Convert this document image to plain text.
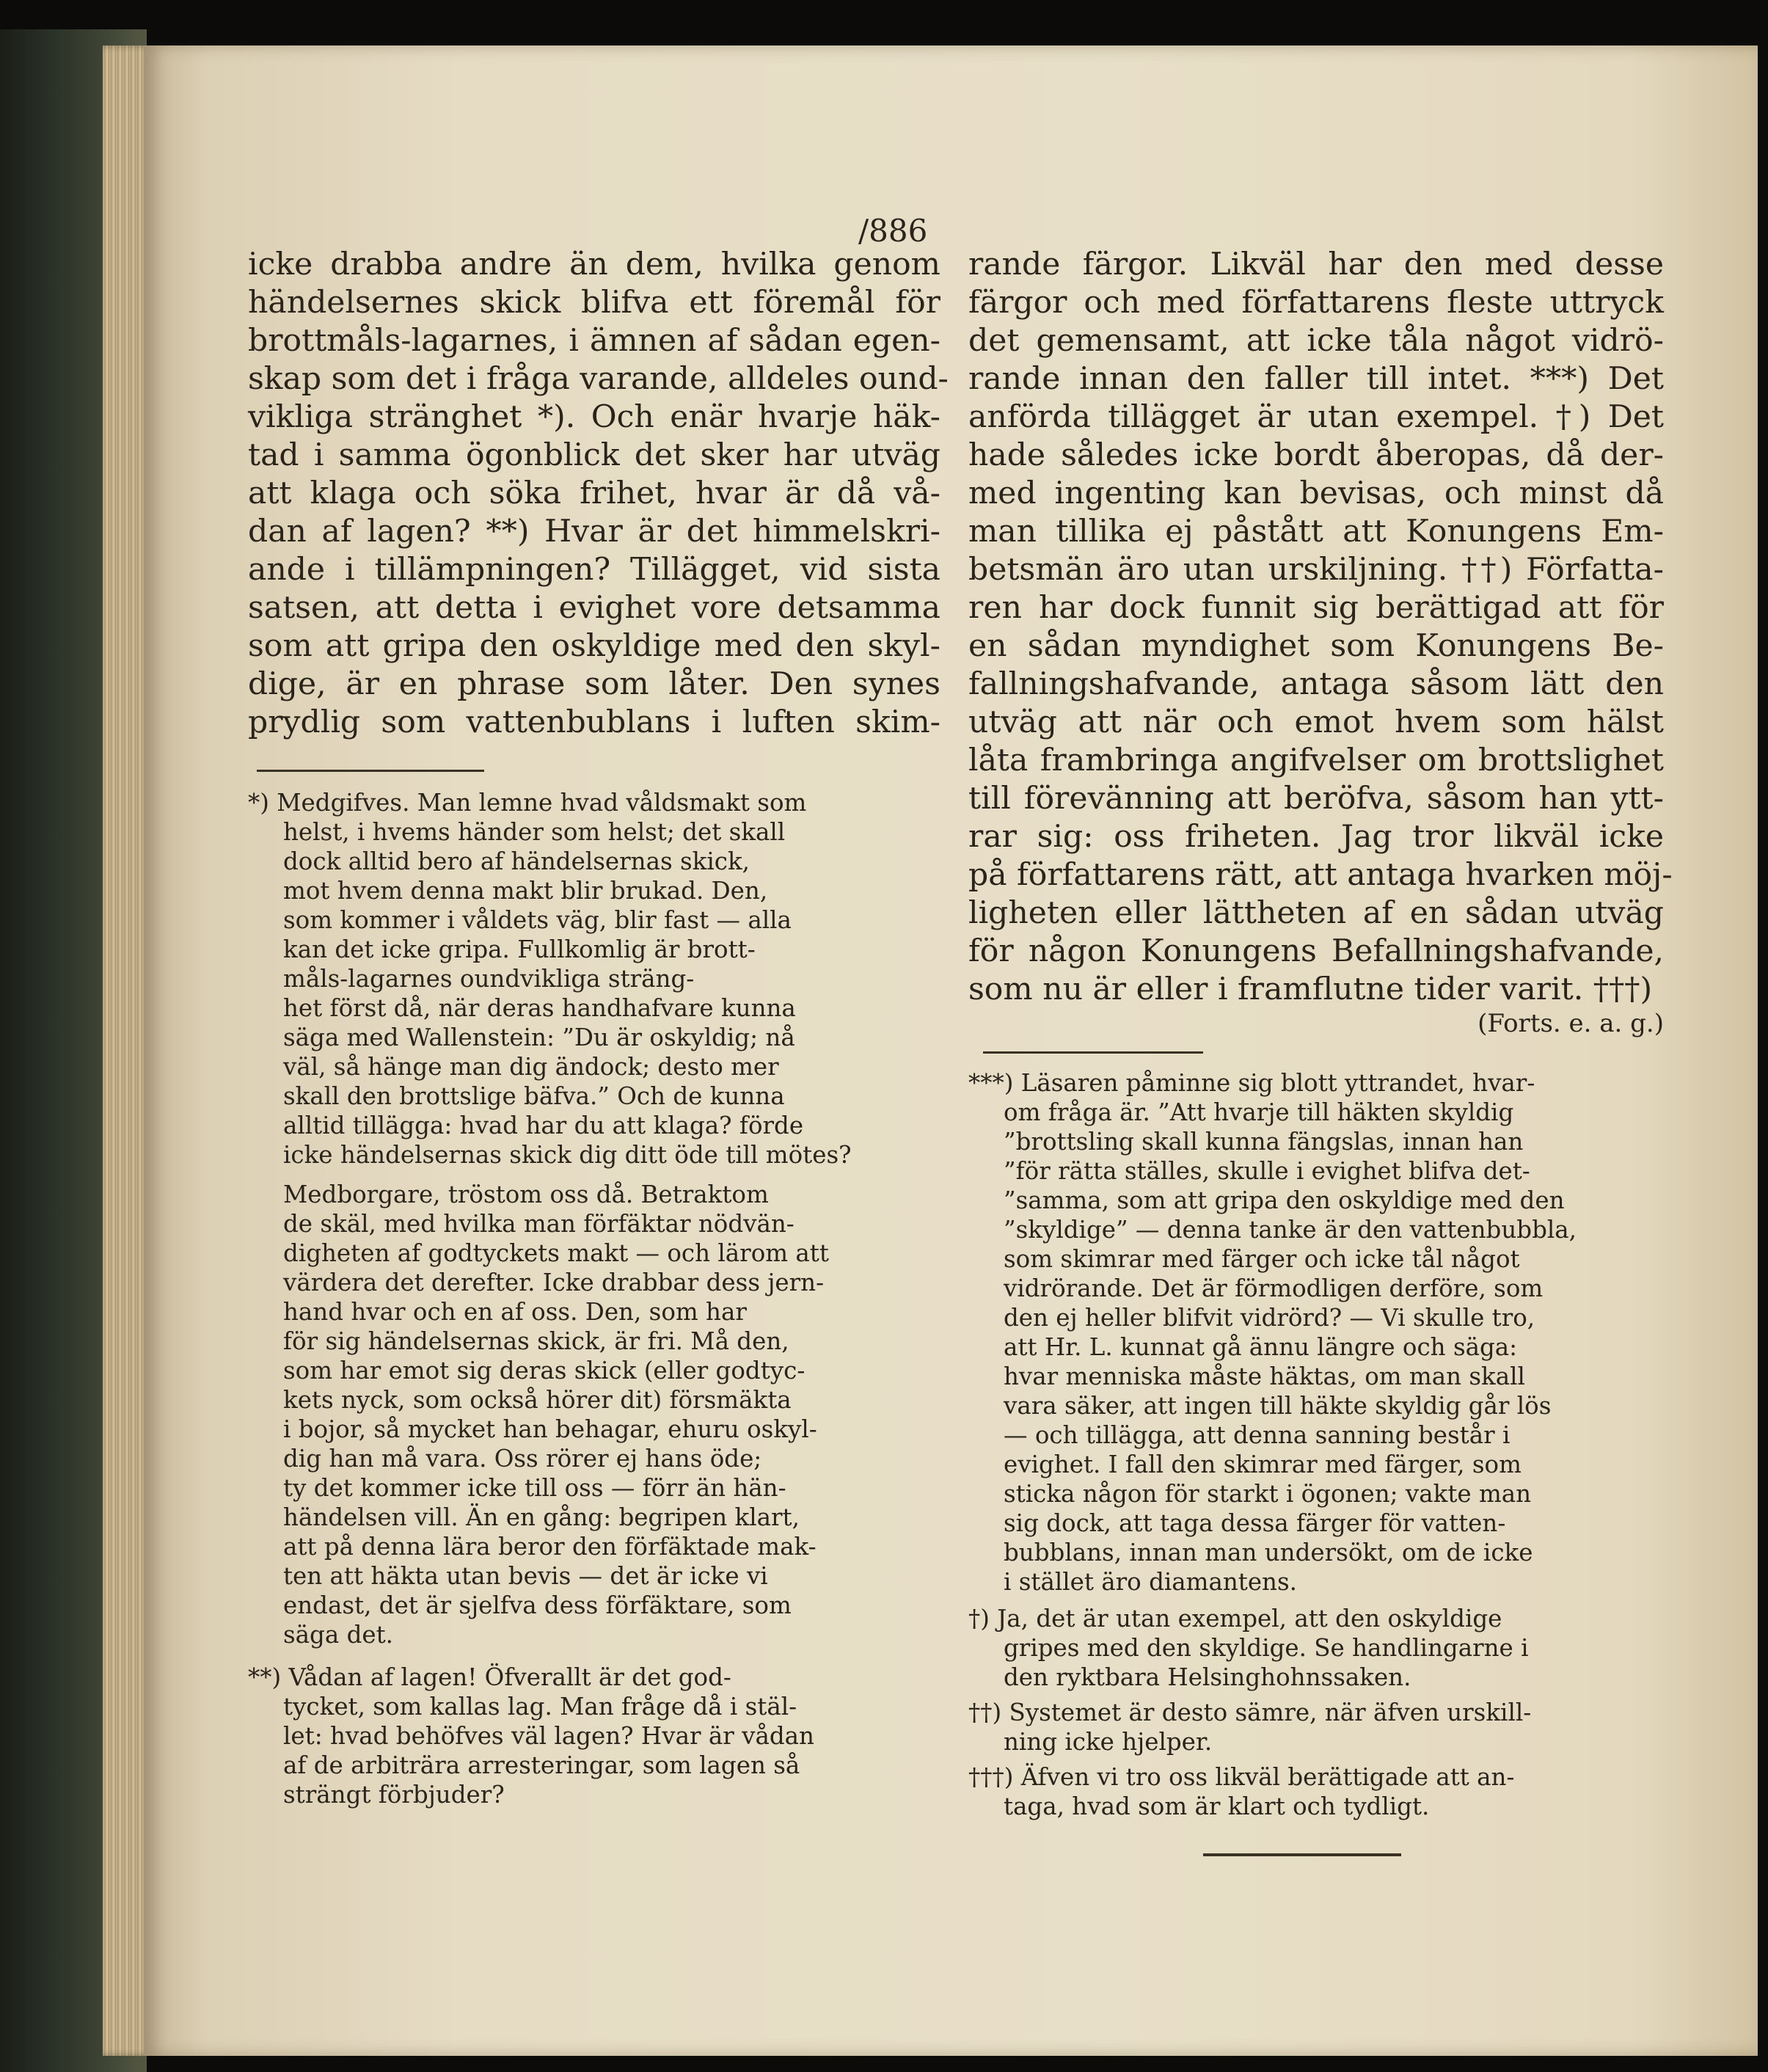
/886
icke drabba andre än dem, hvilka genom
händelsernes skick blifva ett föremål för
brottmåls-lagarnes, i ämnen af sådan egen-
skap som det i fråga varande, alldeles ound-
vikliga stränghet *). Och enär hvarje häk-
tad i samma ögonblick det sker har utväg
att klaga och söka frihet, hvar är då vå-
dan af lagen? **) Hvar är det himmelskri-
ande i tillämpningen? Tillägget, vid sista
satsen, att detta i evighet vore detsamma
som att gripa den oskyldige med den skyl-
dige, är en phrase som låter. Den synes
prydlig som vattenbublans i luften skim-
*) Medgifves. Man lemne hvad våldsmakt som
helst, i hvems händer som helst; det skall
dock alltid bero af händelsernas skick,
mot hvem denna makt blir brukad. Den,
som kommer i våldets väg, blir fast — alla
kan det icke gripa. Fullkomlig är brott-
måls-lagarnes oundvikliga sträng-
het först då, när deras handhafvare kunna
säga med Wallenstein: ”Du är oskyldig; nå
väl, så hänge man dig ändock; desto mer
skall den brottslige bäfva.” Och de kunna
alltid tillägga: hvad har du att klaga? förde
icke händelsernas skick dig ditt öde till mötes?
Medborgare, tröstom oss då. Betraktom
de skäl, med hvilka man förfäktar nödvän-
digheten af godtyckets makt — och lärom att
värdera det derefter. Icke drabbar dess jern-
hand hvar och en af oss. Den, som har
för sig händelsernas skick, är fri. Må den,
som har emot sig deras skick (eller godtyc-
kets nyck, som också hörer dit) försmäkta
i bojor, så mycket han behagar, ehuru oskyl-
dig han må vara. Oss rörer ej hans öde;
ty det kommer icke till oss — förr än hän-
händelsen vill. Än en gång: begripen klart,
att på denna lära beror den förfäktade mak-
ten att häkta utan bevis — det är icke vi
endast, det är sjelfva dess förfäktare, som
säga det.
**) Vådan af lagen! Öfverallt är det god-
tycket, som kallas lag. Man fråge då i stäl-
let: hvad behöfves väl lagen? Hvar är vådan
af de arbiträra arresteringar, som lagen så
strängt förbjuder?
rande färgor. Likväl har den med desse
färgor och med författarens fleste uttryck
det gemensamt, att icke tåla något vidrö-
rande innan den faller till intet. ***) Det
anförda tillägget är utan exempel. †) Det
hade således icke bordt åberopas, då der-
med ingenting kan bevisas, och minst då
man tillika ej påstått att Konungens Em-
betsmän äro utan urskiljning. ††) Författa-
ren har dock funnit sig berättigad att för
en sådan myndighet som Konungens Be-
fallningshafvande, antaga såsom lätt den
utväg att när och emot hvem som hälst
låta frambringa angifvelser om brottslighet
till förevänning att beröfva, såsom han ytt-
rar sig: oss friheten. Jag tror likväl icke
på författarens rätt, att antaga hvarken möj-
ligheten eller lättheten af en sådan utväg
för någon Konungens Befallningshafvande,
som nu är eller i framflutne tider varit. †††)
(Forts. e. a. g.)
***) Läsaren påminne sig blott yttrandet, hvar-
om fråga är. ”Att hvarje till häkten skyldig
”brottsling skall kunna fängslas, innan han
”för rätta ställes, skulle i evighet blifva det-
”samma, som att gripa den oskyldige med den
”skyldige” — denna tanke är den vattenbubbla,
som skimrar med färger och icke tål något
vidrörande. Det är förmodligen derföre, som
den ej heller blifvit vidrörd? — Vi skulle tro,
att Hr. L. kunnat gå ännu längre och säga:
hvar menniska måste häktas, om man skall
vara säker, att ingen till häkte skyldig går lös
— och tillägga, att denna sanning består i
evighet. I fall den skimrar med färger, som
sticka någon för starkt i ögonen; vakte man
sig dock, att taga dessa färger för vatten-
bubblans, innan man undersökt, om de icke
i stället äro diamantens.
†) Ja, det är utan exempel, att den oskyldige
gripes med den skyldige. Se handlingarne i
den ryktbara Helsinghohnssaken.
††) Systemet är desto sämre, när äfven urskill-
ning icke hjelper.
†††) Äfven vi tro oss likväl berättigade att an-
taga, hvad som är klart och tydligt.
